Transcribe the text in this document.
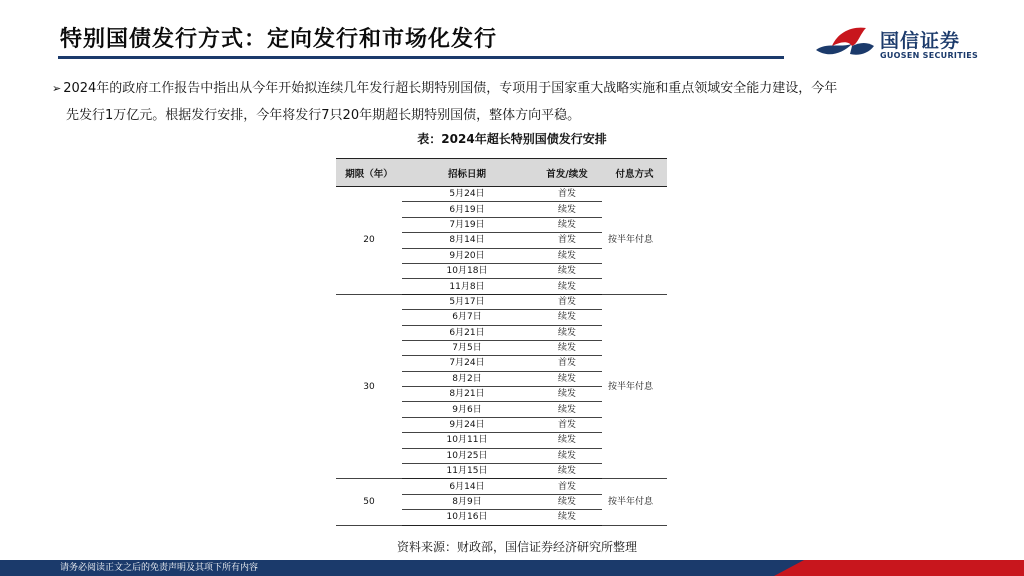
特别国债发行方式：定向发行和市场化发行	国信证券
GUOSEN SECURITIES
➢ 2024年的政府工作报告中指出从今年开始拟连续几年发行超长期特别国债，专项用于国家重大战略实施和重点领域安全能力建设，今年
先发行1万亿元。根据发行安排，今年将发行7只20年期超长期特别国债，整体方向平稳。
表：2024年超长特别国债发行安排
期限（年）	招标日期	首发/续发	付息方式
20	5月24日	首发	按半年付息
	6月19日	续发	
	7月19日	续发	
	8月14日	首发	
	9月20日	续发	
	10月18日	续发	
	11月8日	续发	
30	5月17日	首发	按半年付息
	6月7日	续发	
	6月21日	续发	
	7月5日	续发	
	7月24日	首发	
	8月2日	续发	
	8月21日	续发	
	9月6日	续发	
	9月24日	首发	
	10月11日	续发	
	10月25日	续发	
	11月15日	续发	
50	6月14日	首发	按半年付息
	8月9日	续发	
	10月16日	续发	
资料来源：财政部，国信证券经济研究所整理
请务必阅读正文之后的免责声明及其项下所有内容
